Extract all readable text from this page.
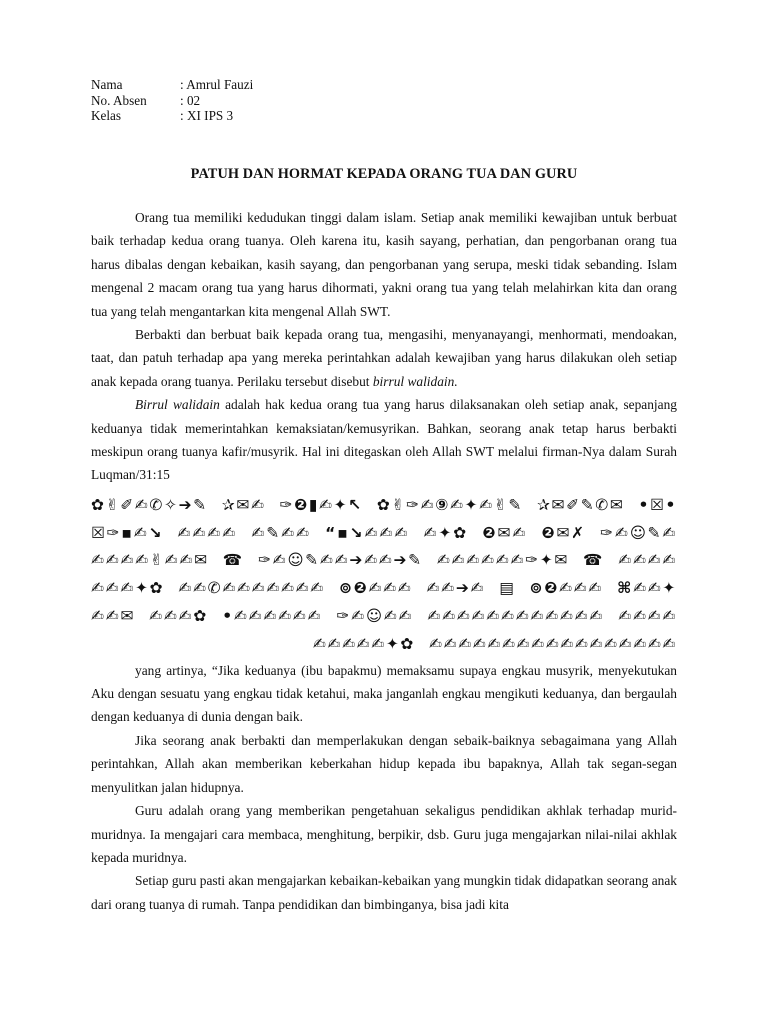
Nama	: Amrul Fauzi
No. Absen	: 02
Kelas	: XI IPS 3
PATUH DAN HORMAT KEPADA ORANG TUA DAN GURU

Orang tua memiliki kedudukan tinggi dalam islam. Setiap anak memiliki kewajiban untuk berbuat baik terhadap kedua orang tuanya. Oleh karena itu, kasih sayang, perhatian, dan pengorbanan orang tua harus dibalas dengan kebaikan, kasih sayang, dan pengorbanan yang serupa, meski tidak sebanding. Islam mengenal 2 macam orang tua yang harus dihormati, yakni orang tua yang telah melahirkan kita dan orang tua yang telah mengantarkan kita mengenal Allah SWT.

Berbakti dan berbuat baik kepada orang tua, mengasihi, menyanayangi, menhormati, mendoakan, taat, dan patuh terhadap apa yang mereka perintahkan adalah kewajiban yang harus dilakukan oleh setiap anak kepada orang tuanya. Perilaku tersebut disebut birrul walidain.

Birrul walidain adalah hak kedua orang tua yang harus dilaksanakan oleh setiap anak, sepanjang keduanya tidak memerintahkan kemaksiatan/kemusyrikan. Bahkan, seorang anak tetap harus berbakti meskipun orang tuanya kafir/musyrik. Hal ini ditegaskan oleh Allah SWT melalui firman-Nya dalam Surah Luqman/31:15

✿✌✐✍✆✧➔✎ ✰✉✍ ✑❷▮✍✦↖ ✿✌✑✍⑨✍✦✍✌✎ ✰✉✐✎✆✉ •☒• ☒✑▪✍↘ ✍✍✍✍ ✍✎✍✍ “▪↘✍✍✍ ✍✦✿ ❷✉✍ ❷✉✗ ✑✍☺✎✍✍✍✍✍✌✍✍✉ ☎ ✑✍☺✎✍✍➔✍✍➔✎ ✍✍✍✍✍✍✑✦✉ ☎ ✍✍✍✍✍✍✍✦✿ ✍✍✆✍✍✍✍✍✍✍ ⊚❷✍✍✍ ✍✍➔✍ ▤ ⊚❷✍✍✍ ⌘✍✍✦✍✍✉ ✍✍✍✿ •✍✍✍✍✍✍ ✑✍☺✍✍ ✍✍✍✍✍✍✍✍✍✍✍✍ ✍✍✍✍✍✍✍✍✍✦✿ ✍✍✍✍✍✍✍✍✍✍✍✍✍✍✍✍✍

yang artinya, “Jika keduanya (ibu bapakmu) memaksamu supaya engkau musyrik, menyekutukan Aku dengan sesuatu yang engkau tidak ketahui, maka janganlah engkau mengikuti keduanya, dan bergaulah dengan keduanya di dunia dengan baik.

Jika seorang anak berbakti dan memperlakukan dengan sebaik-baiknya sebagaimana yang Allah perintahkan, Allah akan memberikan keberkahan hidup kepada ibu bapaknya, Allah tak segan-segan menyulitkan jalan hidupnya.

Guru adalah orang yang memberikan pengetahuan sekaligus pendidikan akhlak terhadap murid-muridnya. Ia mengajari cara membaca, menghitung, berpikir, dsb. Guru juga mengajarkan nilai-nilai akhlak kepada muridnya.

Setiap guru pasti akan mengajarkan kebaikan-kebaikan yang mungkin tidak didapatkan seorang anak dari orang tuanya di rumah. Tanpa pendidikan dan bimbinganya, bisa jadi kita
